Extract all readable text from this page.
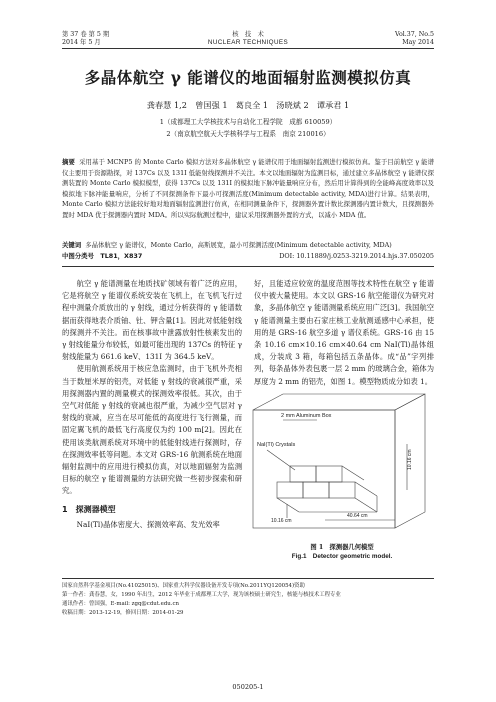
第 37 卷 第 5 期
2014 年 5 月
核　技　术
NUCLEAR TECHNIQUES
Vol.37, No.5
May 2014
多晶体航空 γ 能谱仪的地面辐射监测模拟仿真
龚春慧 1,2　曾国强 1　葛良全 1　汤晓斌 2　谭承君 1
1（成都理工大学核技术与自动化工程学院　成都 610059）
2（南京航空航天大学核科学与工程系　南京 210016）
摘要 采用基于 MCNP5 的 Monte Carlo 模拟方法对多晶体航空 γ 能谱仪用于地面辐射监测进行模拟仿真。鉴于目前航空 γ 能谱仪主要用于资源勘探，对 137Cs 以及 131I 低能射线探测并不关注。本文以地面辐射为监测目标，通过建立多晶体航空 γ 能谱仪探测装置的 Monte Carlo 模拟模型，获得 137Cs 以及 131I 的模拟地下脉冲能量响应分布，然后用计算得到的全能峰高度效率以及模拟地下脉冲能量响应，分析了不同探测条件下最小可探测活度(Minimum detectable activity, MDA)进行计算。结果表明，Monte Carlo 模拟方法能较好地对地面辐射监测进行仿真，在相同测量条件下，探测器外置计数比探测器内置计数大，且探测器外置时 MDA 优于探测器内置时 MDA。所以实际航测过程中，建议采用探测器外置的方式，以减小 MDA 值。
关键词 多晶体航空 γ 能谱仪，Monte Carlo，高斯展宽，最小可探测活度(Minimum detectable activity, MDA)
中图分类号　TL81，X837	DOI: 10.11889/j.0253-3219.2014.hjs.37.050205

航空 γ 能谱测量在地质找矿领域有着广泛的应用，它是将航空 γ 能谱仪系统安装在飞机上，在飞机飞行过程中测量介质放出的 γ 射线，通过分析获得的 γ 能谱数据而获得地表介质铀、钍、钾含量[1]。因此对低能射线的探测并不关注。而在核事故中泄露放射性核素发出的 γ 射线能量分布较低，如最可能出现的 137Cs 的特征 γ 射线能量为 661.6 keV、131I 为 364.5 keV。

使用航测系统用于核应急监测时，由于飞机外壳相当于数厘米厚的铝壳，对低能 γ 射线的衰减很严重，采用探测器内置的测量模式的探测效率很低。其次，由于空气对低能 γ 射线的衰减也很严重，为减少空气层对 γ 射线的衰减，应当在尽可能低的高度进行飞行测量，而固定翼飞机的最低飞行高度仅为约 100 m[2]。因此在使用该类航测系统对环境中的低能射线进行探测时，存在探测效率低等问题。本文对 GRS-16 航测系统在地面辐射监测中的应用进行模拟仿真，对以地面辐射为监测目标的航空 γ 能谱测量的方法研究做一些初步探索和研究。

1　探测器模型

NaI(Tl)晶体密度大、探测效率高、发光效率

好，且能适应较宽的温度范围等技术特性在航空 γ 能谱仪中被大量使用。本文以 GRS-16 航空能谱仪为研究对象，多晶体航空 γ 能谱测量系统应用广泛[3]。我国航空 γ 能谱测量主要由石家庄核工业航测遥感中心承担，使用的是 GRS-16 航空多道 γ 谱仪系统。GRS-16 由 15 条 10.16 cm×10.16 cm×40.64 cm NaI(Tl)晶体组成，分装成 3 箱，每箱包括五条晶体。成“品”字列排列，每条晶体外表包裹一层 2 mm 的玻璃合金，箱体为厚度为 2 mm 的铝壳，如图 1。模型物质成分如表 1。

2 mm Aluminum Box
NaI(Tl) Crystals
10.16 cm
10.16 cm
40.64 cm
图 1　探测器几何模型
Fig.1　Detector geometric model.
国家自然科学基金项目(No.41025015)、国家重大科学仪器设备开发专项(No.2011YQ120054)资助
第一作者：龚春慧，女，1990 年出生，2012 年毕业于成都理工大学，现为该校硕士研究生，核能与核技术工程专业
通讯作者：曾国强，E-mail: zgq@cdut.edu.cn
收稿日期：2013-12-19，修回日期：2014-01-29
050205-1
